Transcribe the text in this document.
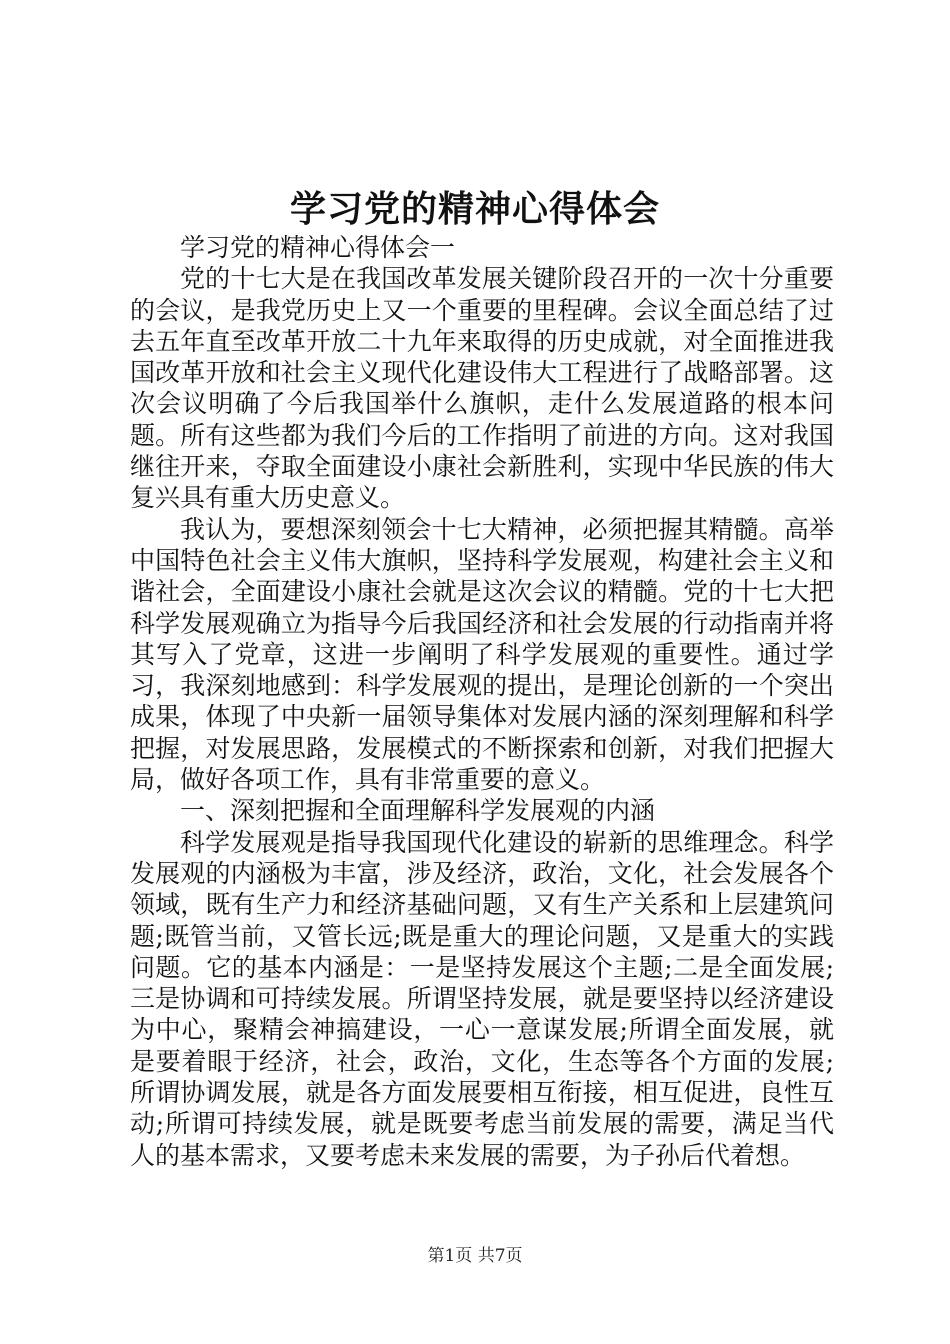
学习党的精神心得体会

学习党的精神心得体会一

党的十七大是在我国改革发展关键阶段召开的一次十分重要的会议，是我党历史上又一个重要的里程碑。会议全面总结了过去五年直至改革开放二十九年来取得的历史成就，对全面推进我国改革开放和社会主义现代化建设伟大工程进行了战略部署。这次会议明确了今后我国举什么旗帜，走什么发展道路的根本问题。所有这些都为我们今后的工作指明了前进的方向。这对我国继往开来，夺取全面建设小康社会新胜利，实现中华民族的伟大复兴具有重大历史意义。

我认为，要想深刻领会十七大精神，必须把握其精髓。高举中国特色社会主义伟大旗帜，坚持科学发展观，构建社会主义和谐社会，全面建设小康社会就是这次会议的精髓。党的十七大把科学发展观确立为指导今后我国经济和社会发展的行动指南并将其写入了党章，这进一步阐明了科学发展观的重要性。通过学习，我深刻地感到：科学发展观的提出，是理论创新的一个突出成果，体现了中央新一届领导集体对发展内涵的深刻理解和科学把握，对发展思路，发展模式的不断探索和创新，对我们把握大局，做好各项工作，具有非常重要的意义。

一、深刻把握和全面理解科学发展观的内涵

科学发展观是指导我国现代化建设的崭新的思维理念。科学发展观的内涵极为丰富，涉及经济，政治，文化，社会发展各个领域，既有生产力和经济基础问题，又有生产关系和上层建筑问题;既管当前，又管长远;既是重大的理论问题，又是重大的实践问题。它的基本内涵是：一是坚持发展这个主题;二是全面发展;三是协调和可持续发展。所谓坚持发展，就是要坚持以经济建设为中心，聚精会神搞建设，一心一意谋发展;所谓全面发展，就是要着眼于经济，社会，政治，文化，生态等各个方面的发展;所谓协调发展，就是各方面发展要相互衔接，相互促进，良性互动;所谓可持续发展，就是既要考虑当前发展的需要，满足当代人的基本需求，又要考虑未来发展的需要，为子孙后代着想。

第1页 共7页
